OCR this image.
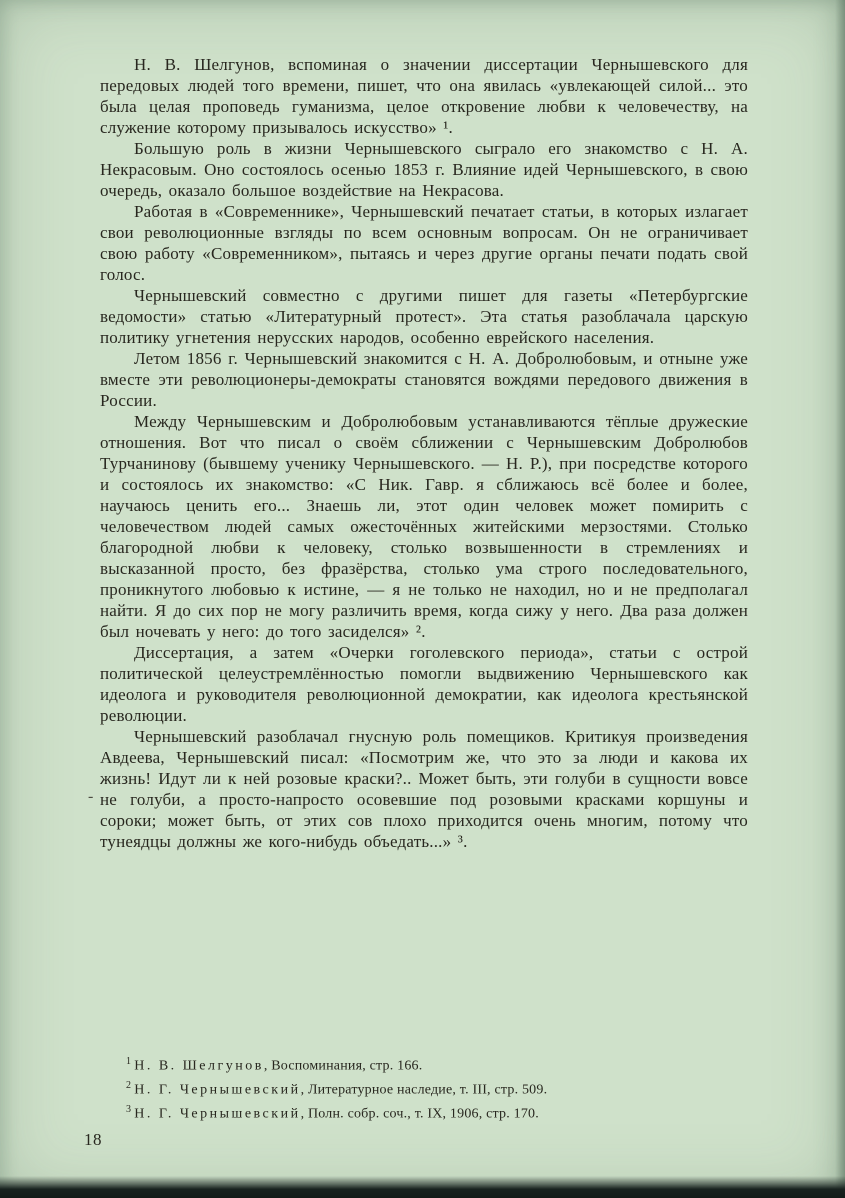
Н. В. Шелгунов, вспоминая о значении диссертации Чернышевского для передовых людей того времени, пишет, что она явилась «увлекающей силой... это была целая проповедь гуманизма, целое откровение любви к человечеству, на служение которому призывалось искусство» ¹.

Большую роль в жизни Чернышевского сыграло его знакомство с Н. А. Некрасовым. Оно состоялось осенью 1853 г. Влияние идей Чернышевского, в свою очередь, оказало большое воздействие на Некрасова.

Работая в «Современнике», Чернышевский печатает статьи, в которых излагает свои революционные взгляды по всем основным вопросам. Он не ограничивает свою работу «Современником», пытаясь и через другие органы печати подать свой голос.

Чернышевский совместно с другими пишет для газеты «Петербургские ведомости» статью «Литературный протест». Эта статья разоблачала царскую политику угнетения нерусских народов, особенно еврейского населения.

Летом 1856 г. Чернышевский знакомится с Н. А. Добролюбовым, и отныне уже вместе эти революционеры-демократы становятся вождями передового движения в России.

Между Чернышевским и Добролюбовым устанавливаются тёплые дружеские отношения. Вот что писал о своём сближении с Чернышевским Добролюбов Турчанинову (бывшему ученику Чернышевского. — Н. Р.), при посредстве которого и состоялось их знакомство: «С Ник. Гавр. я сближаюсь всё более и более, научаюсь ценить его... Знаешь ли, этот один человек может помирить с человечеством людей самых ожесточённых житейскими мерзостями. Столько благородной любви к человеку, столько возвышенности в стремлениях и высказанной просто, без фразёрства, столько ума строго последовательного, проникнутого любовью к истине, — я не только не находил, но и не предполагал найти. Я до сих пор не могу различить время, когда сижу у него. Два раза должен был ночевать у него: до того засиделся» ².

Диссертация, а затем «Очерки гоголевского периода», статьи с острой политической целеустремлённостью помогли выдвижению Чернышевского как идеолога и руководителя революционной демократии, как идеолога крестьянской революции.

Чернышевский разоблачал гнусную роль помещиков. Критикуя произведения Авдеева, Чернышевский писал: «Посмотрим же, что это за люди и какова их жизнь! Идут ли к ней розовые краски?.. Может быть, эти голуби в сущности вовсе не голуби, а просто-напросто осовевшие под розовыми красками коршуны и сороки; может быть, от этих сов плохо приходится очень многим, потому что тунеядцы должны же кого-нибудь объедать...» ³.

-
$^1$ Н. В. Шелгунов, Воспоминания, стр. 166.
$^2$ Н. Г. Чернышевский, Литературное наследие, т. III, стр. 509.
$^3$ Н. Г. Чернышевский, Полн. собр. соч., т. IX, 1906, стр. 170.
18
